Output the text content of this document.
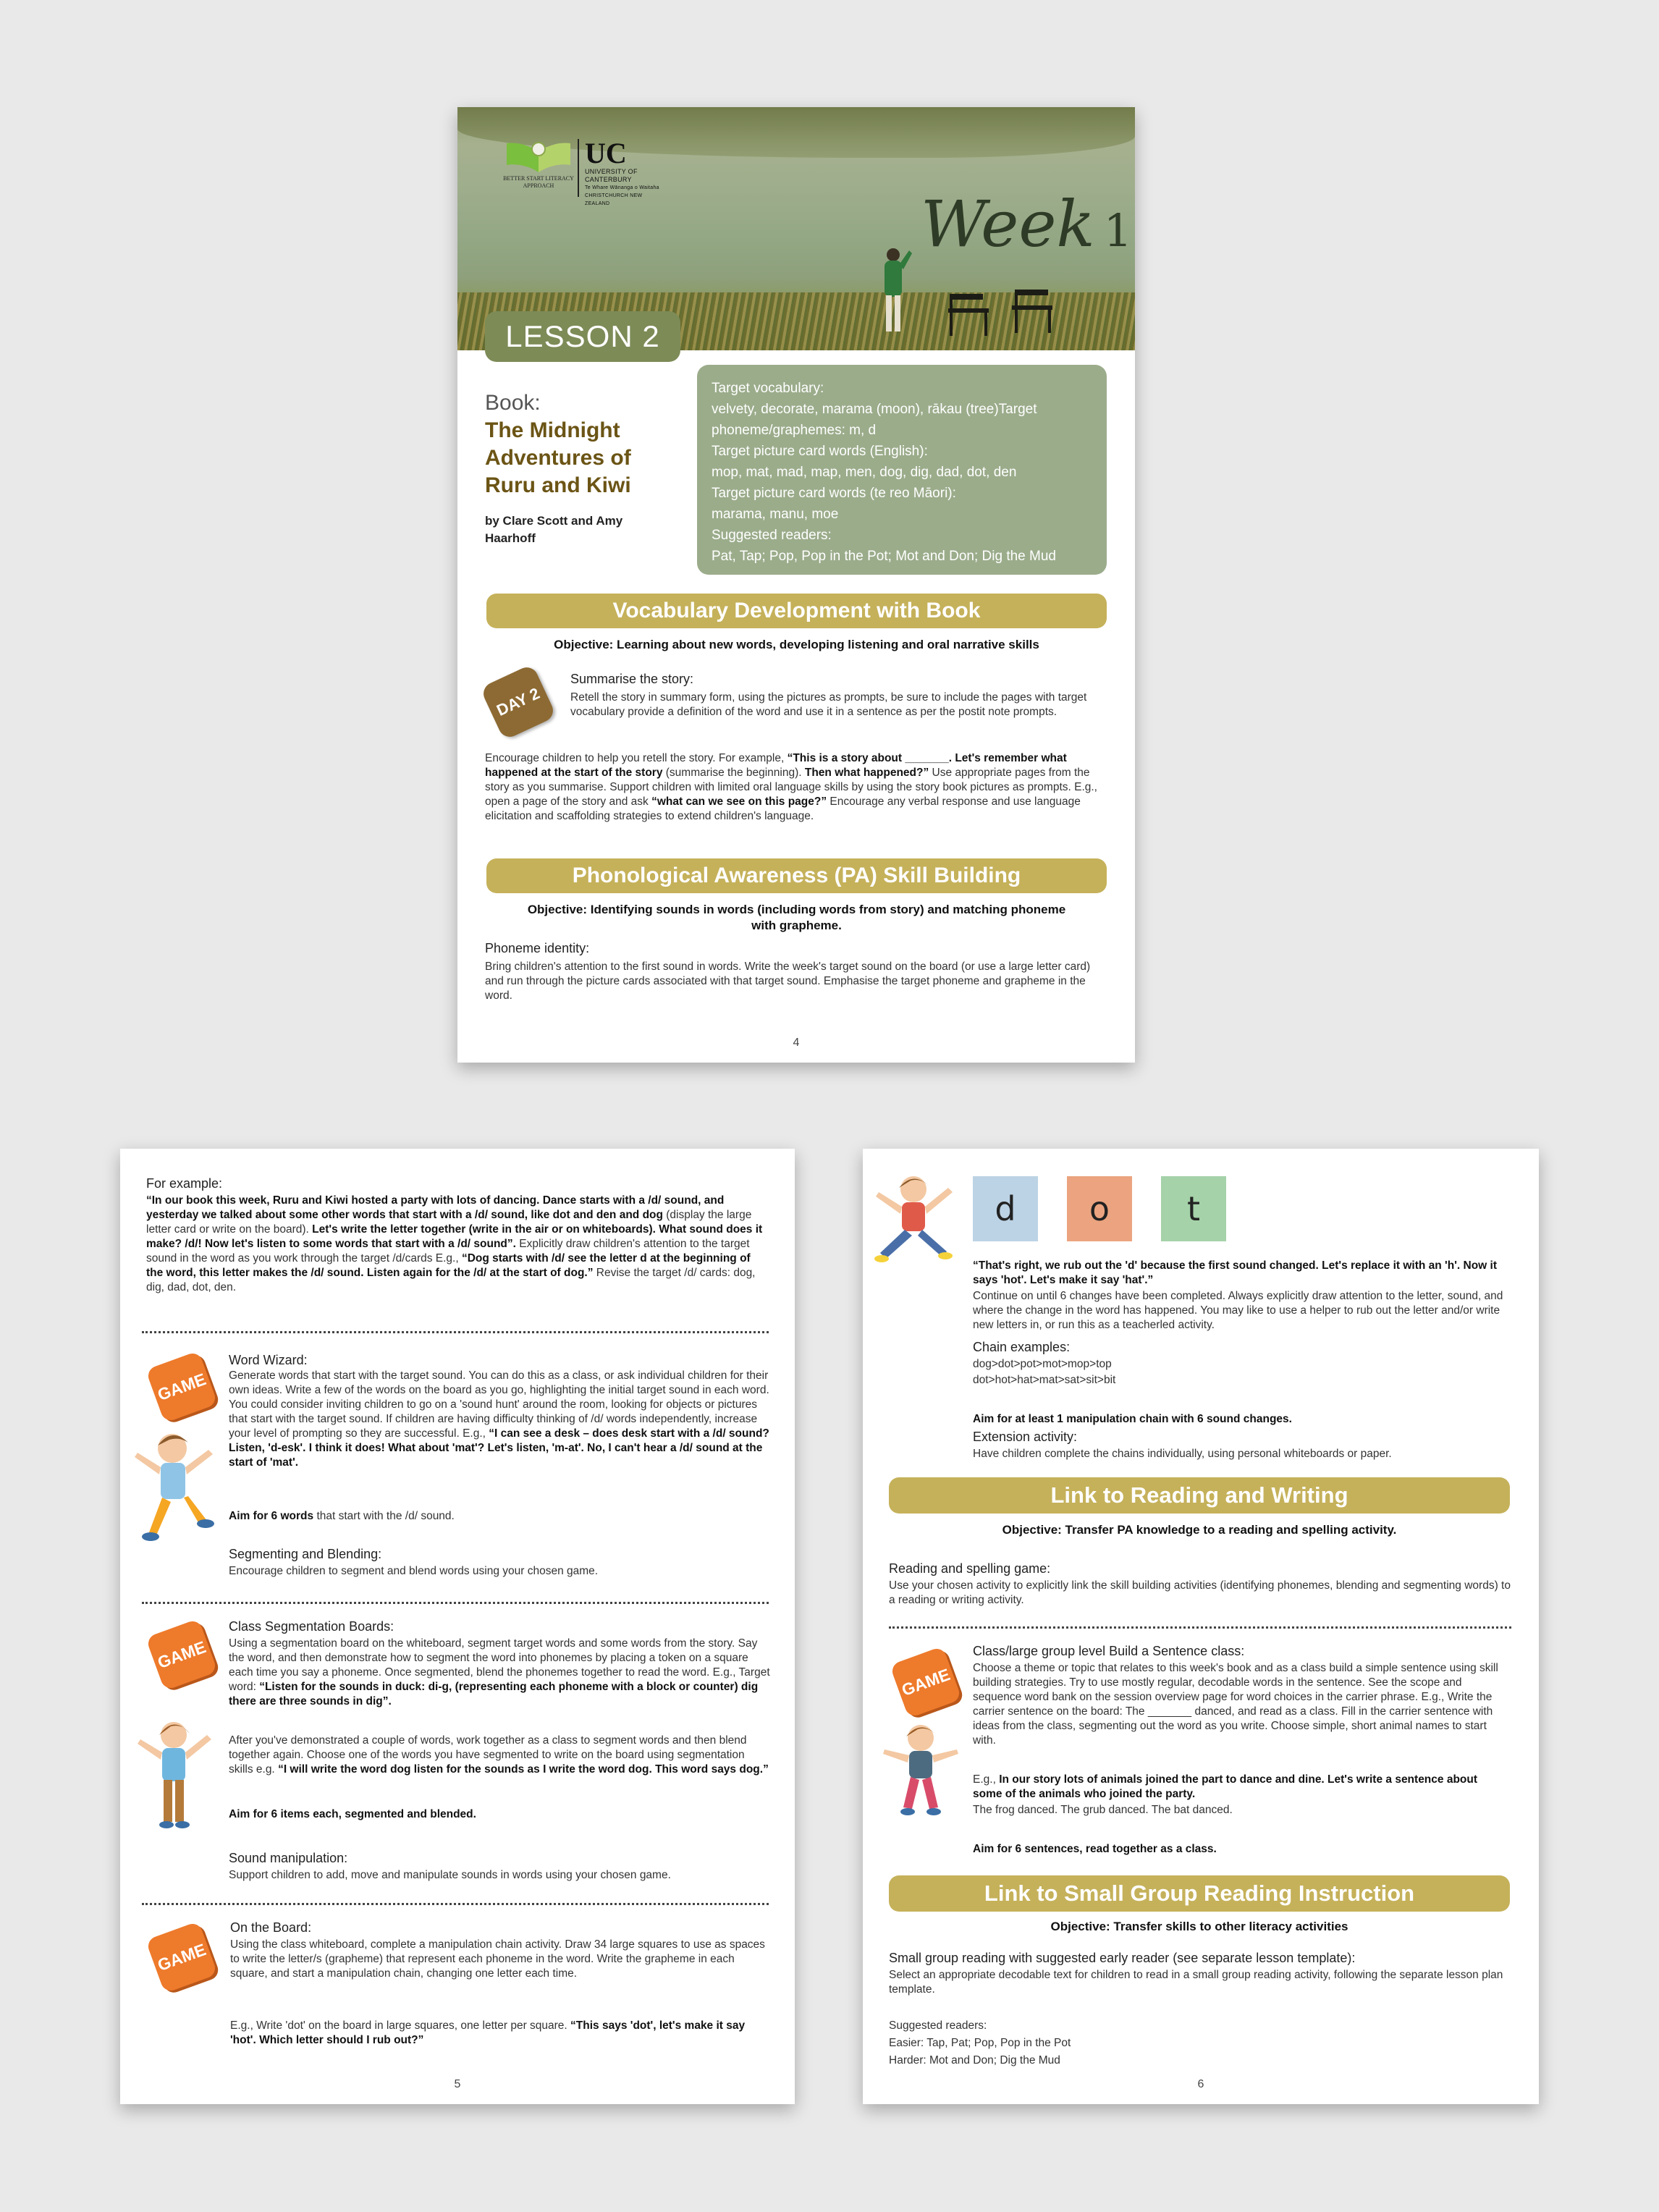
BETTER START LITERACY APPROACH
UC
UNIVERSITY OF CANTERBURY
Te Whare Wānanga o Waitaha
CHRISTCHURCH NEW ZEALAND	Week 1
LESSON 2
Book:
The Midnight Adventures of Ruru and Kiwi
by Clare Scott and Amy Haarhoff
Target vocabulary:
velvety, decorate, marama (moon), rākau (tree)Target phoneme/graphemes: m, d
Target picture card words (English):
mop, mat, mad, map, men, dog, dig, dad, dot, den
Target picture card words (te reo Māori):
marama, manu, moe
Suggested readers:
Pat, Tap; Pop, Pop in the Pot; Mot and Don; Dig the Mud
Vocabulary Development with Book
Objective: Learning about new words, developing listening and oral narrative skills
DAY 2
Summarise the story:
Retell the story in summary form, using the pictures as prompts, be sure to include the pages with target vocabulary provide a definition of the word and use it in a sentence as per the postit note prompts.
Encourage children to help you retell the story. For example, “This is a story about _______. Let's remember what happened at the start of the story (summarise the beginning). Then what happened?” Use appropriate pages from the story as you summarise. Support children with limited oral language skills by using the story book pictures as prompts. E.g., open a page of the story and ask “what can we see on this page?” Encourage any verbal response and use language elicitation and scaffolding strategies to extend children's language.
Phonological Awareness (PA) Skill Building
Objective: Identifying sounds in words (including words from story) and matching phoneme with grapheme.
Phoneme identity:
Bring children's attention to the first sound in words. Write the week's target sound on the board (or use a large letter card) and run through the picture cards associated with that target sound. Emphasise the target phoneme and grapheme in the word.
4
For example:
“In our book this week, Ruru and Kiwi hosted a party with lots of dancing. Dance starts with a /d/ sound, and yesterday we talked about some other words that start with a /d/ sound, like dot and den and dog (display the large letter card or write on the board). Let's write the letter together (write in the air or on whiteboards). What sound does it make? /d/! Now let's listen to some words that start with a /d/ sound”. Explicitly draw children's attention to the target sound in the word as you work through the target /d/cards E.g., “Dog starts with /d/ see the letter d at the beginning of the word, this letter makes the /d/ sound. Listen again for the /d/ at the start of dog.” Revise the target /d/ cards: dog, dig, dad, dot, den.
GAME
Word Wizard:
Generate words that start with the target sound. You can do this as a class, or ask individual children for their own ideas. Write a few of the words on the board as you go, highlighting the initial target sound in each word. You could consider inviting children to go on a 'sound hunt' around the room, looking for objects or pictures that start with the target sound. If children are having difficulty thinking of /d/ words independently, increase your level of prompting so they are successful. E.g., “I can see a desk – does desk start with a /d/ sound? Listen, 'd-esk'. I think it does! What about 'mat'? Let's listen, 'm-at'. No, I can't hear a /d/ sound at the start of 'mat'.
Aim for 6 words that start with the /d/ sound.
Segmenting and Blending:
Encourage children to segment and blend words using your chosen game.
GAME
Class Segmentation Boards:
Using a segmentation board on the whiteboard, segment target words and some words from the story. Say the word, and then demonstrate how to segment the word into phonemes by placing a token on a square each time you say a phoneme. Once segmented, blend the phonemes together to read the word. E.g., Target word: “Listen for the sounds in duck: di-g, (representing each phoneme with a block or counter) dig there are three sounds in dig”.
After you've demonstrated a couple of words, work together as a class to segment words and then blend together again. Choose one of the words you have segmented to write on the board using segmentation skills e.g. “I will write the word dog listen for the sounds as I write the word dog. This word says dog.”
Aim for 6 items each, segmented and blended.
Sound manipulation:
Support children to add, move and manipulate sounds in words using your chosen game.
GAME
On the Board:
Using the class whiteboard, complete a manipulation chain activity. Draw 34 large squares to use as spaces to write the letter/s (grapheme) that represent each phoneme in the word. Write the grapheme in each square, and start a manipulation chain, changing one letter each time.
E.g., Write 'dot' on the board in large squares, one letter per square. “This says 'dot', let's make it say 'hot'. Which letter should I rub out?”
5
d	o	t
“That's right, we rub out the 'd' because the first sound changed. Let's replace it with an 'h'. Now it says 'hot'. Let's make it say 'hat'.”
Continue on until 6 changes have been completed. Always explicitly draw attention to the letter, sound, and where the change in the word has happened. You may like to use a helper to rub out the letter and/or write new letters in, or run this as a teacherled activity.
Chain examples:
dog>dot>pot>mot>mop>top
dot>hot>hat>mat>sat>sit>bit
Aim for at least 1 manipulation chain with 6 sound changes.
Extension activity:
Have children complete the chains individually, using personal whiteboards or paper.
Link to Reading and Writing
Objective: Transfer PA knowledge to a reading and spelling activity.
Reading and spelling game:
Use your chosen activity to explicitly link the skill building activities (identifying phonemes, blending and segmenting words) to a reading or writing activity.
GAME
Class/large group level Build a Sentence class:
Choose a theme or topic that relates to this week's book and as a class build a simple sentence using skill building strategies. Try to use mostly regular, decodable words in the sentence. See the scope and sequence word bank on the session overview page for word choices in the carrier phrase. E.g., Write the carrier sentence on the board: The _______ danced, and read as a class. Fill in the carrier sentence with ideas from the class, segmenting out the word as you write. Choose simple, short animal names to start with.
E.g., In our story lots of animals joined the part to dance and dine. Let's write a sentence about some of the animals who joined the party.
The frog danced. The grub danced. The bat danced.
Aim for 6 sentences, read together as a class.
Link to Small Group Reading Instruction
Objective: Transfer skills to other literacy activities
Small group reading with suggested early reader (see separate lesson template):
Select an appropriate decodable text for children to read in a small group reading activity, following the separate lesson plan template.
Suggested readers:
Easier: Tap, Pat; Pop, Pop in the Pot
Harder: Mot and Don; Dig the Mud
6
